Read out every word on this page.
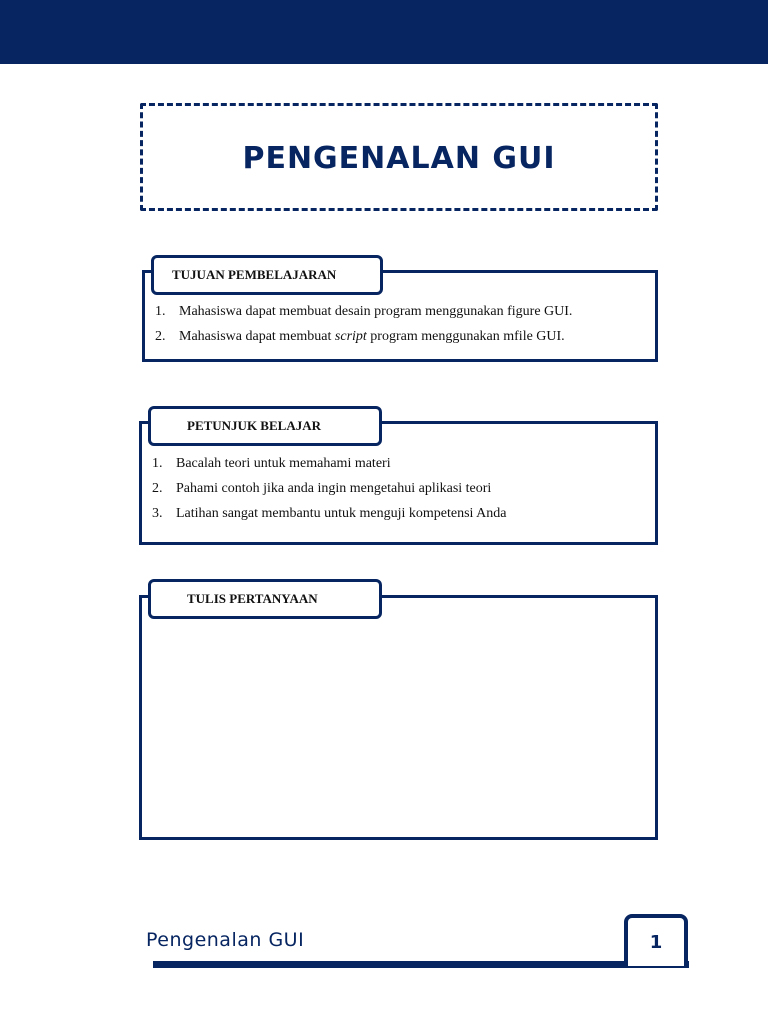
PENGENALAN GUI
TUJUAN PEMBELAJARAN
1. Mahasiswa dapat membuat desain program menggunakan figure GUI.
2. Mahasiswa dapat membuat script program menggunakan mfile GUI.
PETUNJUK BELAJAR
1. Bacalah teori untuk memahami materi
2. Pahami contoh jika anda ingin mengetahui aplikasi teori
3. Latihan sangat membantu untuk menguji kompetensi Anda
TULIS PERTANYAAN
Pengenalan GUI	1
